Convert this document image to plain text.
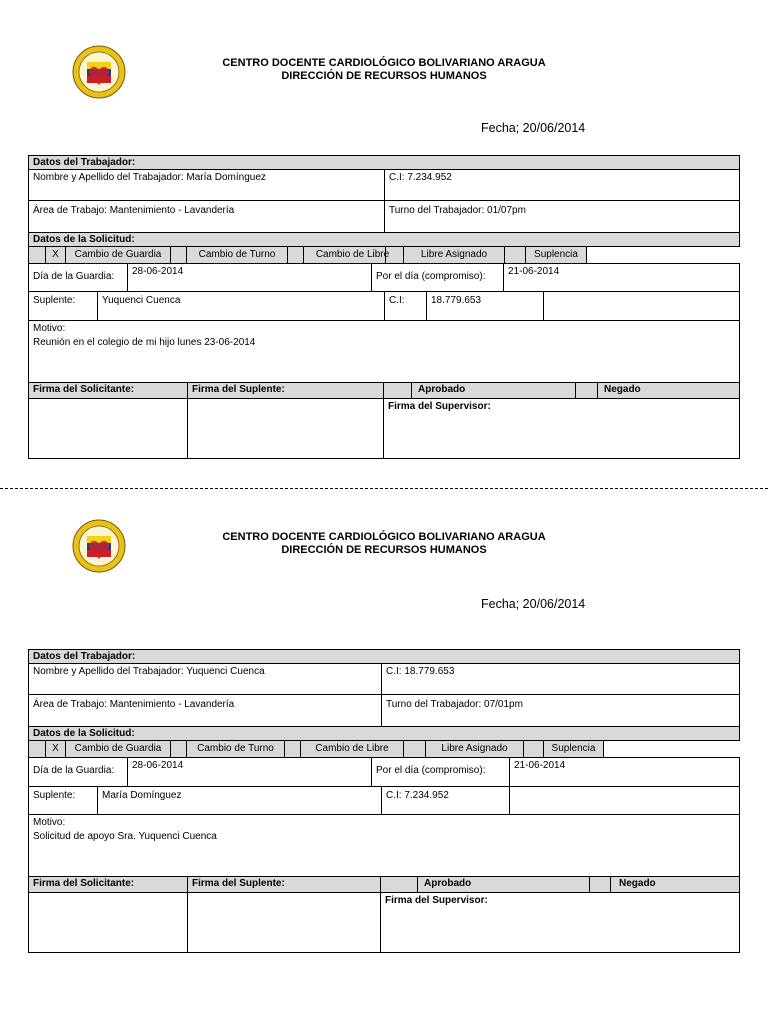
CENTRO DOCENTE CARDIOLÓGICO BOLIVARIANO ARAGUA
DIRECCIÓN DE RECURSOS HUMANOS
Fecha; 20/06/2014
Datos del Trabajador:
Nombre y Apellido del Trabajador: María Domínguez	C.I: 7.234.952
Área de Trabajo: Mantenimiento - Lavandería	Turno del Trabajador: 01/07pm
Datos de la Solicitud:
X	Cambio de Guardia	Cambio de Turno	Cambio de Libre	Libre Asignado	Suplencia
Día de la Guardia:	28-06-2014	Por el día (compromiso):	21-06-2014
Suplente:	Yuquenci Cuenca	C.I:	18.779.653
Motivo:
Reunión en el colegio de mi hijo lunes 23-06-2014
Firma del Solicitante:	Firma del Suplente:	Aprobado	Negado
Firma del Supervisor:
CENTRO DOCENTE CARDIOLÓGICO BOLIVARIANO ARAGUA
DIRECCIÓN DE RECURSOS HUMANOS
Fecha; 20/06/2014
Datos del Trabajador:
Nombre y Apellido del Trabajador: Yuquenci Cuenca	C.I: 18.779.653
Área de Trabajo: Mantenimiento - Lavandería	Turno del Trabajador: 07/01pm
Datos de la Solicitud:
X	Cambio de Guardia	Cambio de Turno	Cambio de Libre	Libre Asignado	Suplencia
Día de la Guardia:	28-06-2014	Por el día (compromiso):	21-06-2014
Suplente:	María Domínguez	C.I: 7.234.952
Motivo:
Solicitud de apoyo Sra. Yuquenci Cuenca
Firma del Solicitante:	Firma del Suplente:	Aprobado	Negado
Firma del Supervisor:
